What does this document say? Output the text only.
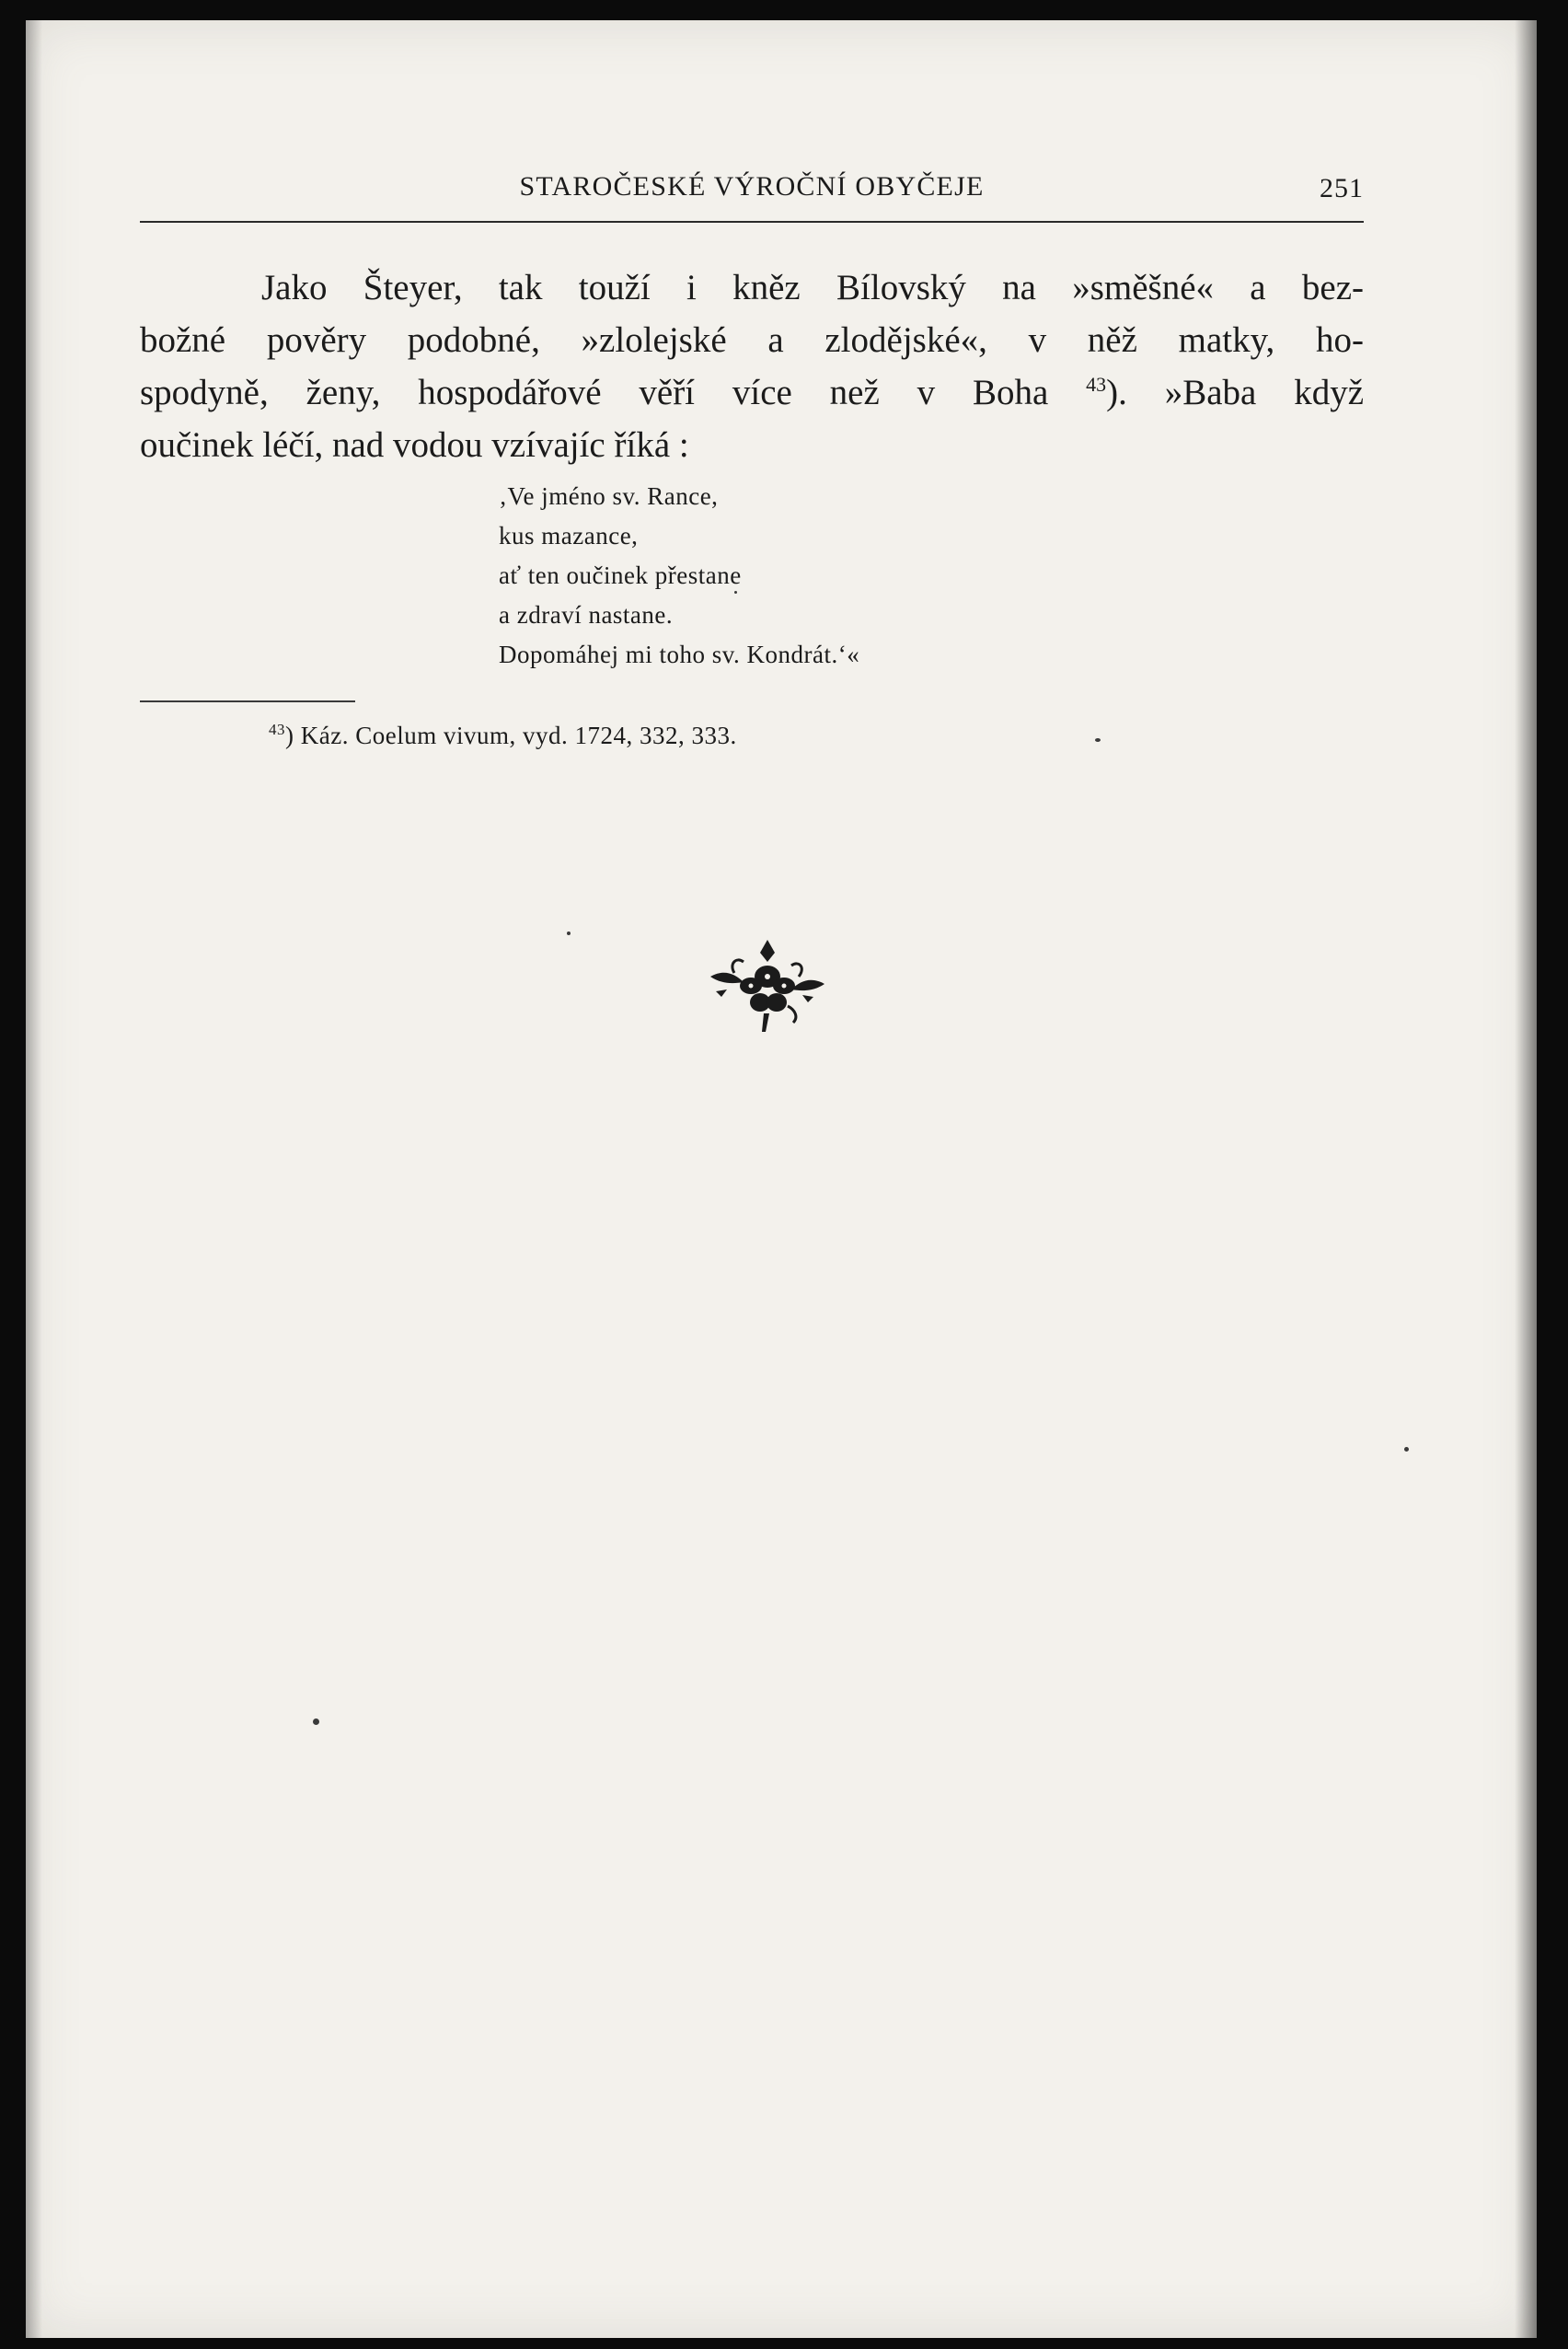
STAROČESKÉ VÝROČNÍ OBYČEJE	251
Jako Šteyer, tak touží i kněz Bílovský na »směšné« a bez-
božné pověry podobné, »zlolejské a zlodějské«, v něž matky, ho-
spodyně, ženy, hospodářové věří více než v Boha $^{43}$). »Baba když
oučinek léčí, nad vodou vzívajíc říká :
‚Ve jméno sv. Rance,
kus mazance,
ať ten oučinek přestane
a zdraví nastane.
Dopomáhej mi toho sv. Kondrát.‘«
$^{43}$) Káz. Coelum vivum, vyd. 1724, 332, 333.
